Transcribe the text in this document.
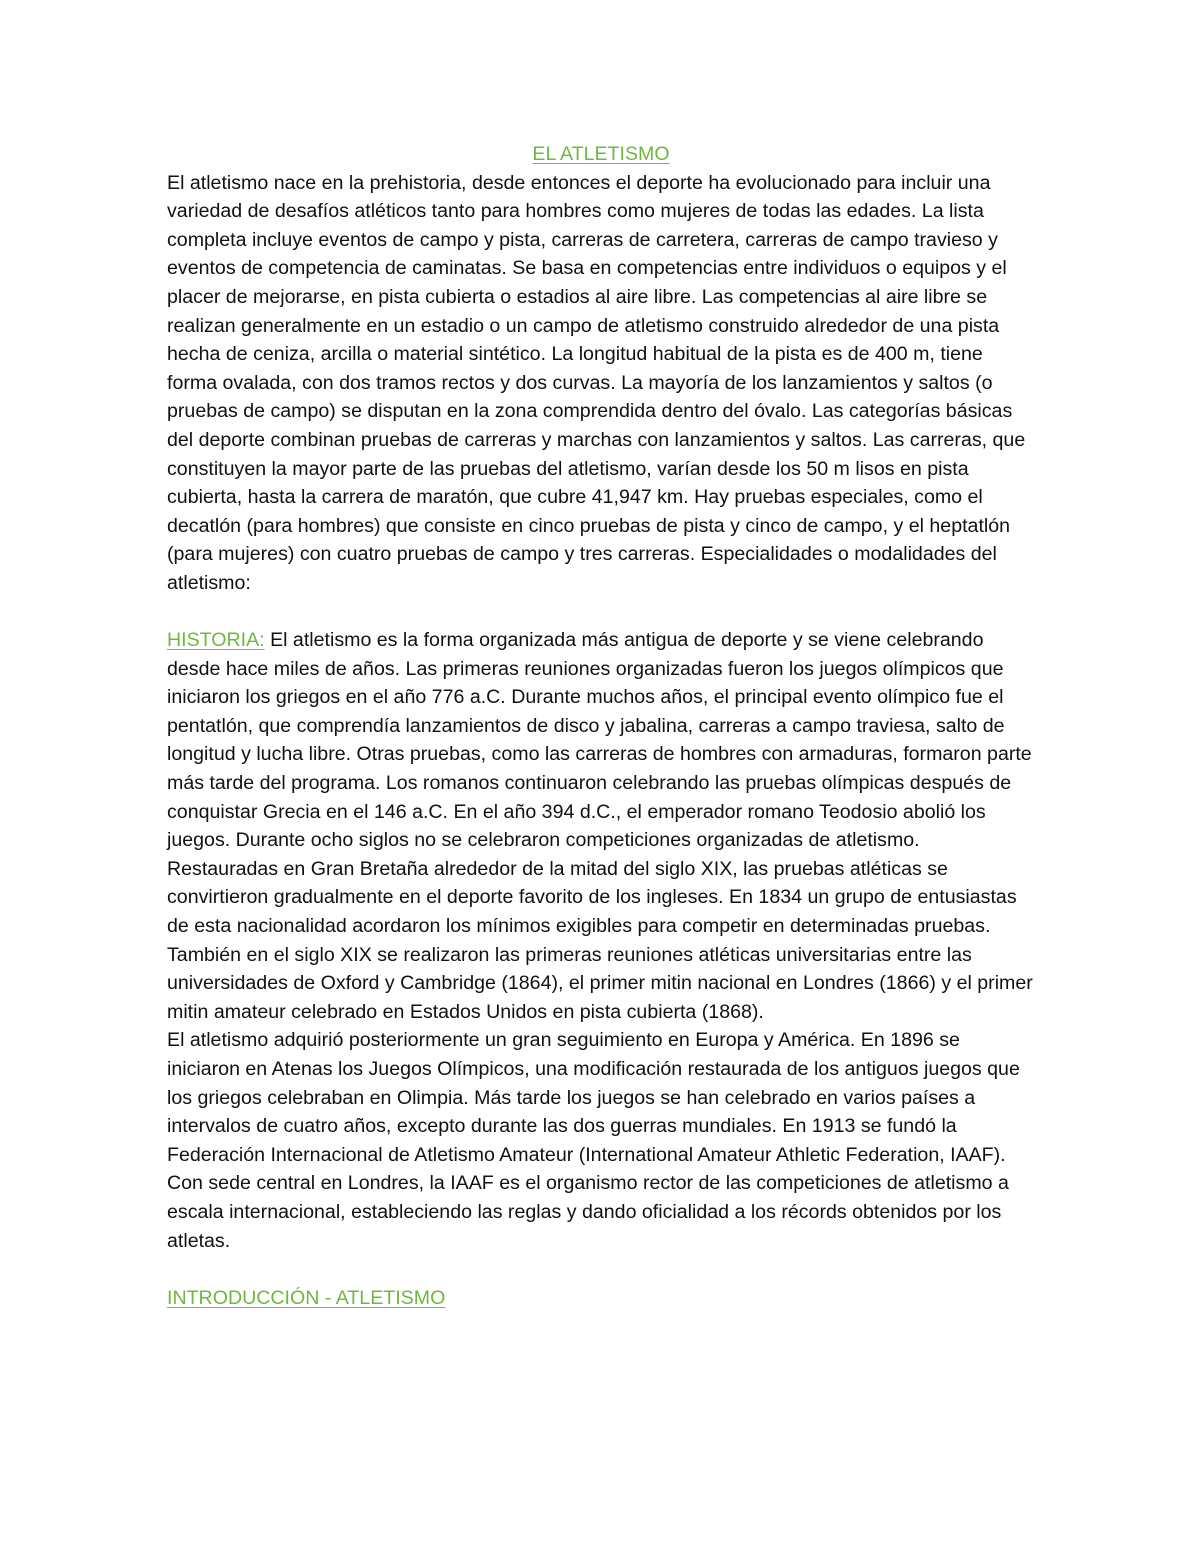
EL ATLETISMO

El atletismo nace en la prehistoria, desde entonces el deporte ha evolucionado para incluir una variedad de desafíos atléticos tanto para hombres como mujeres de todas las edades. La lista completa incluye eventos de campo y pista, carreras de carretera, carreras de campo travieso y eventos de competencia de caminatas. Se basa en competencias entre individuos o equipos y el placer de mejorarse, en pista cubierta o estadios al aire libre. Las competencias al aire libre se realizan generalmente en un estadio o un campo de atletismo construido alrededor de una pista hecha de ceniza, arcilla o material sintético. La longitud habitual de la pista es de 400 m, tiene forma ovalada, con dos tramos rectos y dos curvas. La mayoría de los lanzamientos y saltos (o pruebas de campo) se disputan en la zona comprendida dentro del óvalo. Las categorías básicas del deporte combinan pruebas de carreras y marchas con lanzamientos y saltos. Las carreras, que constituyen la mayor parte de las pruebas del atletismo, varían desde los 50 m lisos en pista cubierta, hasta la carrera de maratón, que cubre 41,947 km. Hay pruebas especiales, como el decatlón (para hombres) que consiste en cinco pruebas de pista y cinco de campo, y el heptatlón (para mujeres) con cuatro pruebas de campo y tres carreras. Especialidades o modalidades del atletismo:

HISTORIA: El atletismo es la forma organizada más antigua de deporte y se viene celebrando desde hace miles de años. Las primeras reuniones organizadas fueron los juegos olímpicos que iniciaron los griegos en el año 776 a.C. Durante muchos años, el principal evento olímpico fue el pentatlón, que comprendía lanzamientos de disco y jabalina, carreras a campo traviesa, salto de longitud y lucha libre. Otras pruebas, como las carreras de hombres con armaduras, formaron parte más tarde del programa. Los romanos continuaron celebrando las pruebas olímpicas después de conquistar Grecia en el 146 a.C. En el año 394 d.C., el emperador romano Teodosio abolió los juegos. Durante ocho siglos no se celebraron competiciones organizadas de atletismo. Restauradas en Gran Bretaña alrededor de la mitad del siglo XIX, las pruebas atléticas se convirtieron gradualmente en el deporte favorito de los ingleses. En 1834 un grupo de entusiastas de esta nacionalidad acordaron los mínimos exigibles para competir en determinadas pruebas. También en el siglo XIX se realizaron las primeras reuniones atléticas universitarias entre las universidades de Oxford y Cambridge (1864), el primer mitin nacional en Londres (1866) y el primer mitin amateur celebrado en Estados Unidos en pista cubierta (1868).

El atletismo adquirió posteriormente un gran seguimiento en Europa y América. En 1896 se iniciaron en Atenas los Juegos Olímpicos, una modificación restaurada de los antiguos juegos que los griegos celebraban en Olimpia. Más tarde los juegos se han celebrado en varios países a intervalos de cuatro años, excepto durante las dos guerras mundiales. En 1913 se fundó la Federación Internacional de Atletismo Amateur (International Amateur Athletic Federation, IAAF). Con sede central en Londres, la IAAF es el organismo rector de las competiciones de atletismo a escala internacional, estableciendo las reglas y dando oficialidad a los récords obtenidos por los atletas.

INTRODUCCIÓN - ATLETISMO
